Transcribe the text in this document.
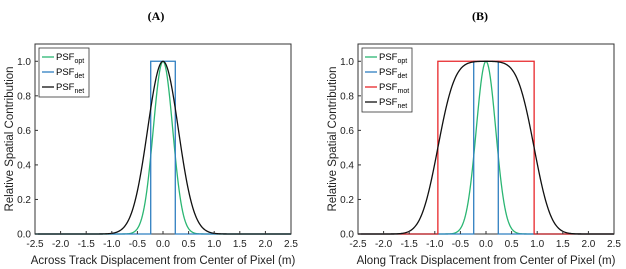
(A)
-2.5 -2.0 -1.5 -1.0 -0.5 0.0 0.5 1.0 1.5 2.0 2.5
0.0
0.2
0.4
0.6
0.8
1.0
Across Track Displacement from Center of Pixel (m)
Relative Spatial Contribution
$PSF_{opt}$
$PSF_{det}$
$PSF_{net}$
(B)
-2.5 -2.0 -1.5 -1.0 -0.5 0.0 0.5 1.0 1.5 2.0 2.5
0.0
0.2
0.4
0.6
0.8
1.0
Along Track Displacement from Center of Pixel (m)
Relative Spatial Contribution
$PSF_{opt}$
$PSF_{det}$
$PSF_{mot}$
$PSF_{net}$
